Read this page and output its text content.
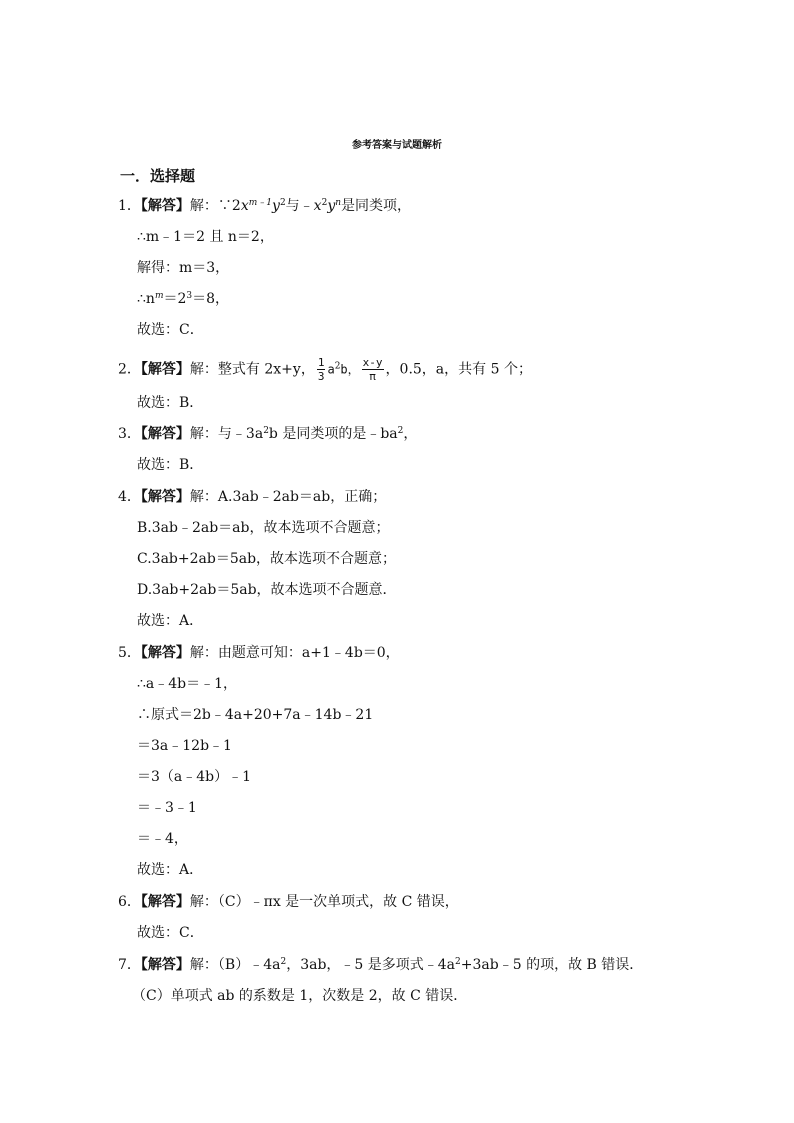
参考答案与试题解析
一．选择题
1．【解答】解：$\because 2x^{m﹣1}y^2$与$﹣x^2y^n$是同类项，
∴m﹣1＝2 且 n＝2，
解得：m＝3，
$\therefore n^m=2^3=8$，
故选：C．
2．【解答】解：整式有 2x+y， $\frac{1}{3} a^2b$， $\frac{x-y}{\pi}$ ，0.5，a，共有 5 个；
故选：B．
3．【解答】解：与$﹣3a^2b$ 是同类项的是$﹣ba^2$，
故选：B．
4．【解答】解：A.3ab﹣2ab＝ab，正确；
B.3ab﹣2ab＝ab，故本选项不合题意；
C.3ab+2ab＝5ab，故本选项不合题意；
D.3ab+2ab＝5ab，故本选项不合题意．
故选：A．
5．【解答】解：由题意可知：a+1﹣4b＝0，
∴a﹣4b＝﹣1，
∴原式＝2b﹣4a+20+7a﹣14b﹣21
＝3a﹣12b﹣1
＝3（a﹣4b）﹣1
＝﹣3﹣1
＝﹣4，
故选：A．
6．【解答】解：（C）﹣πx 是一次单项式，故 C 错误，
故选：C．
7．【解答】解：$(B)﹣4a^2$，3ab，﹣5 是多项式$﹣4a^2+3ab﹣5$ 的项，故 B 错误．
（C）单项式 ab 的系数是 1，次数是 2，故 C 错误．
